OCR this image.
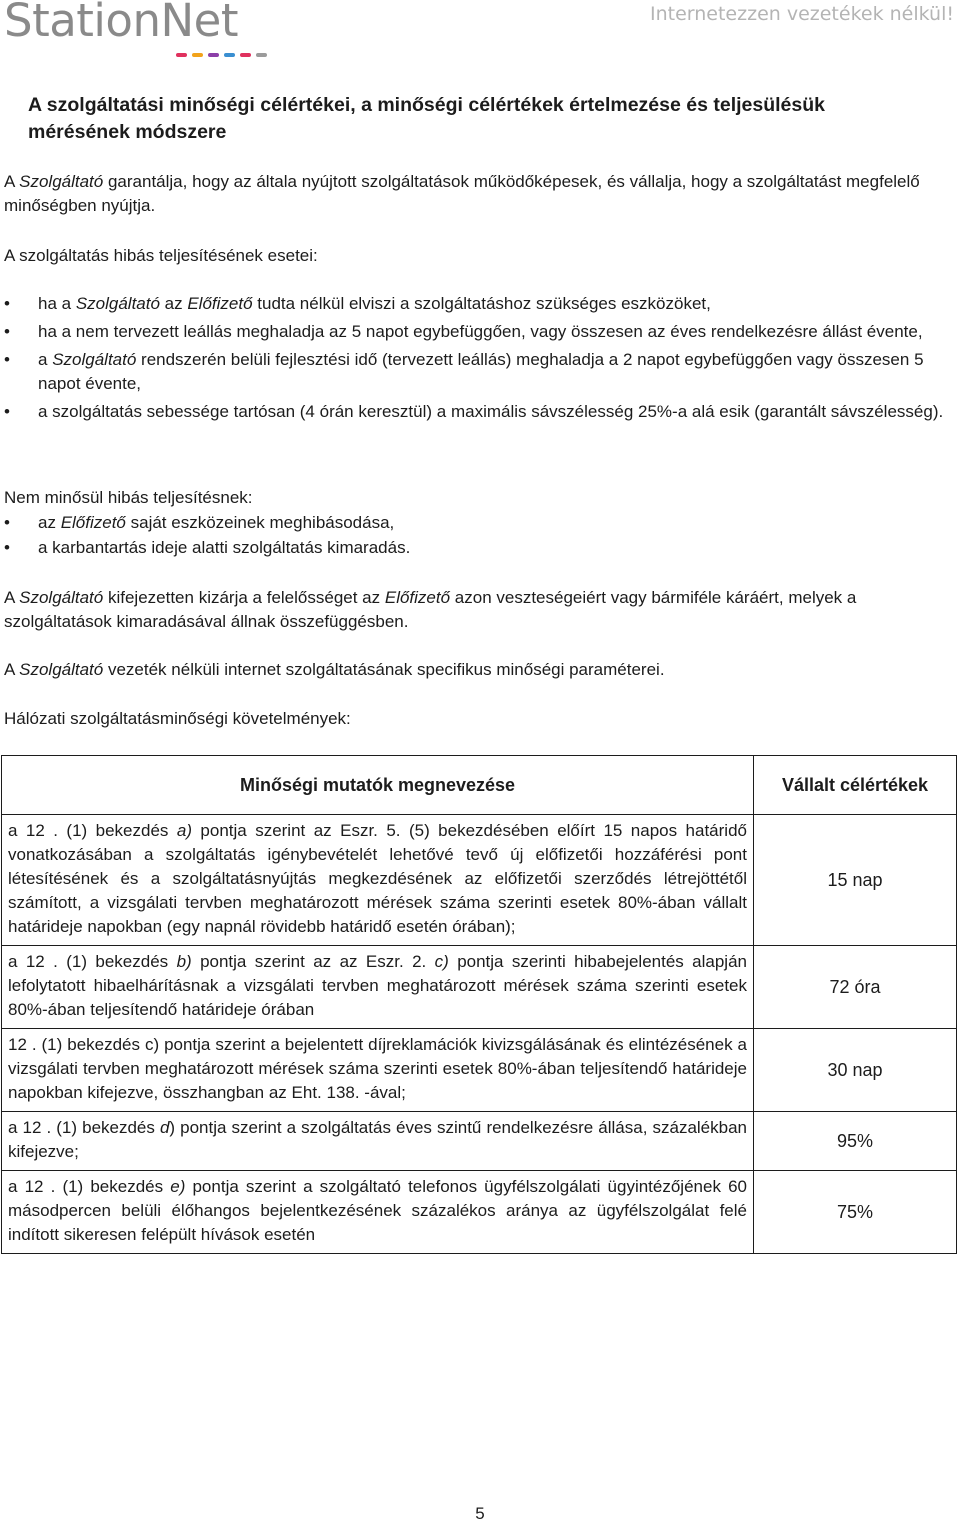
StationNet	Internetezzen vezetékek nélkül!
A szolgáltatási minőségi célértékei, a minőségi célértékek értelmezése és teljesülésük mérésének módszere
A Szolgáltató garantálja, hogy az általa nyújtott szolgáltatások működőképesek, és vállalja, hogy a szolgáltatást megfelelő minőségben nyújtja.
A szolgáltatás hibás teljesítésének esetei:
• ha a Szolgáltató az Előfizető tudta nélkül elviszi a szolgáltatáshoz szükséges eszközöket,
• ha a nem tervezett leállás meghaladja az 5 napot egybefüggően, vagy összesen az éves rendelkezésre állást évente,
• a Szolgáltató rendszerén belüli fejlesztési idő (tervezett leállás) meghaladja a 2 napot egybefüggően vagy összesen 5 napot évente,
• a szolgáltatás sebessége tartósan (4 órán keresztül) a maximális sávszélesség 25%-a alá esik (garantált sávszélesség).
Nem minősül hibás teljesítésnek:
• az Előfizető saját eszközeinek meghibásodása,
• a karbantartás ideje alatti szolgáltatás kimaradás.
A Szolgáltató kifejezetten kizárja a felelősséget az Előfizető azon veszteségeiért vagy bármiféle káráért, melyek a szolgáltatások kimaradásával állnak összefüggésben.
A Szolgáltató vezeték nélküli internet szolgáltatásának specifikus minőségi paraméterei.
Hálózati szolgáltatásminőségi követelmények:
Minőségi mutatók megnevezése	Vállalt célértékek
a 12 . (1) bekezdés a) pontja szerint az Eszr. 5. (5) bekezdésében előírt 15 napos határidő vonatkozásában a szolgáltatás igénybevételét lehetővé tevő új előfizetői hozzáférési pont létesítésének és a szolgáltatásnyújtás megkezdésének az előfizetői szerződés létrejöttétől számított, a vizsgálati tervben meghatározott mérések száma szerinti esetek 80%-ában vállalt határideje napokban (egy napnál rövidebb határidő esetén órában);	15 nap
a 12 . (1) bekezdés b) pontja szerint az az Eszr. 2. c) pontja szerinti hibabejelentés alapján lefolytatott hibaelhárításnak a vizsgálati tervben meghatározott mérések száma szerinti esetek 80%-ában teljesítendő határideje órában	72 óra
12 . (1) bekezdés c) pontja szerint a bejelentett díjreklamációk kivizsgálásának és elintézésének a vizsgálati tervben meghatározott mérések száma szerinti esetek 80%-ában teljesítendő határideje napokban kifejezve, összhangban az Eht. 138. -ával;	30 nap
a 12 . (1) bekezdés d) pontja szerint a szolgáltatás éves szintű rendelkezésre állása, százalékban kifejezve;	95%
a 12 . (1) bekezdés e) pontja szerint a szolgáltató telefonos ügyfélszolgálati ügyintézőjének 60 másodpercen belüli élőhangos bejelentkezésének százalékos aránya az ügyfélszolgálat felé indított sikeresen felépült hívások esetén	75%
5
